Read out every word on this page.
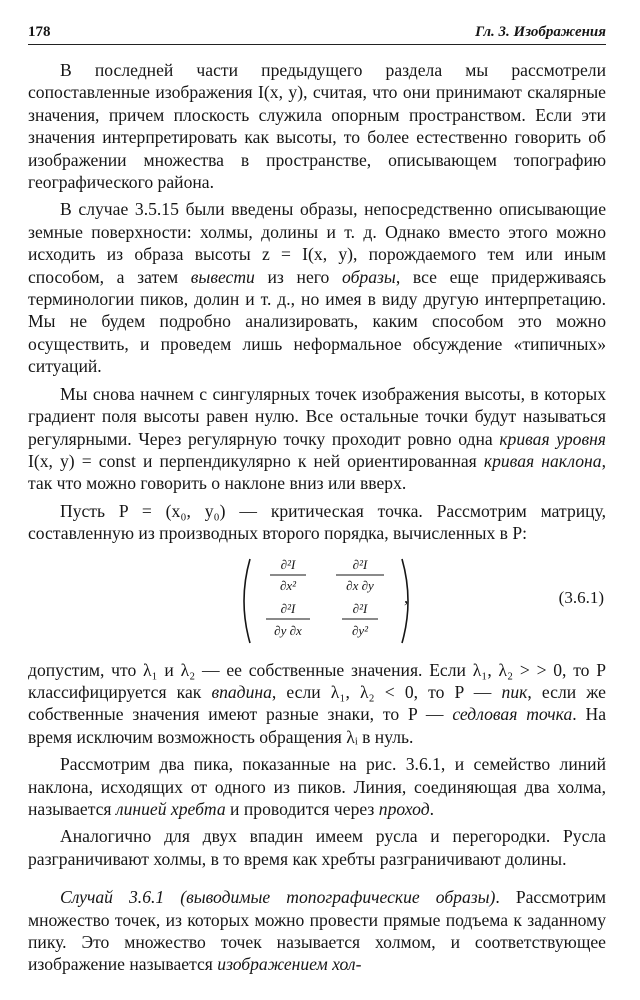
178	Гл. 3. Изображения

В последней части предыдущего раздела мы рассмотрели сопоставленные изображения I(x, y), считая, что они принимают скалярные значения, причем плоскость служила опорным пространством. Если эти значения интерпретировать как высоты, то более естественно говорить об изображении множества в пространстве, описывающем топографию географического района.

В случае 3.5.15 были введены образы, непосредственно описывающие земные поверхности: холмы, долины и т. д. Однако вместо этого можно исходить из образа высоты z = I(x, y), порождаемого тем или иным способом, а затем вывести из него образы, все еще придерживаясь терминологии пиков, долин и т. д., но имея в виду другую интерпретацию. Мы не будем подробно анализировать, каким способом это можно осуществить, и проведем лишь неформальное обсуждение «типичных» ситуаций.

Мы снова начнем с сингулярных точек изображения высоты, в которых градиент поля высоты равен нулю. Все остальные точки будут называться регулярными. Через регулярную точку проходит ровно одна кривая уровня I(x, y) = const и перпендикулярно к ней ориентированная кривая наклона, так что можно говорить о наклоне вниз или вверх.

Пусть P = (x₀, y₀) — критическая точка. Рассмотрим матрицу, составленную из производных второго порядка, вычисленных в P:

∂²I
∂x²
∂²I
∂x ∂y
∂²I
∂y ∂x
∂²I
∂y²
,	(3.6.1)

допустим, что λ₁ и λ₂ — ее собственные значения. Если λ₁, λ₂ > > 0, то P классифицируется как впадина, если λ₁, λ₂ < 0, то P — пик, если же собственные значения имеют разные знаки, то P — седловая точка. На время исключим возможность обращения λᵢ в нуль.

Рассмотрим два пика, показанные на рис. 3.6.1, и семейство линий наклона, исходящих от одного из пиков. Линия, соединяющая два холма, называется линией хребта и проводится через проход.

Аналогично для двух впадин имеем русла и перегородки. Русла разграничивают холмы, в то время как хребты разграничивают долины.

Случай 3.6.1 (выводимые топографические образы). Рассмотрим множество точек, из которых можно провести прямые подъема к заданному пику. Это множество точек называется холмом, и соответствующее изображение называется изображением хол-
